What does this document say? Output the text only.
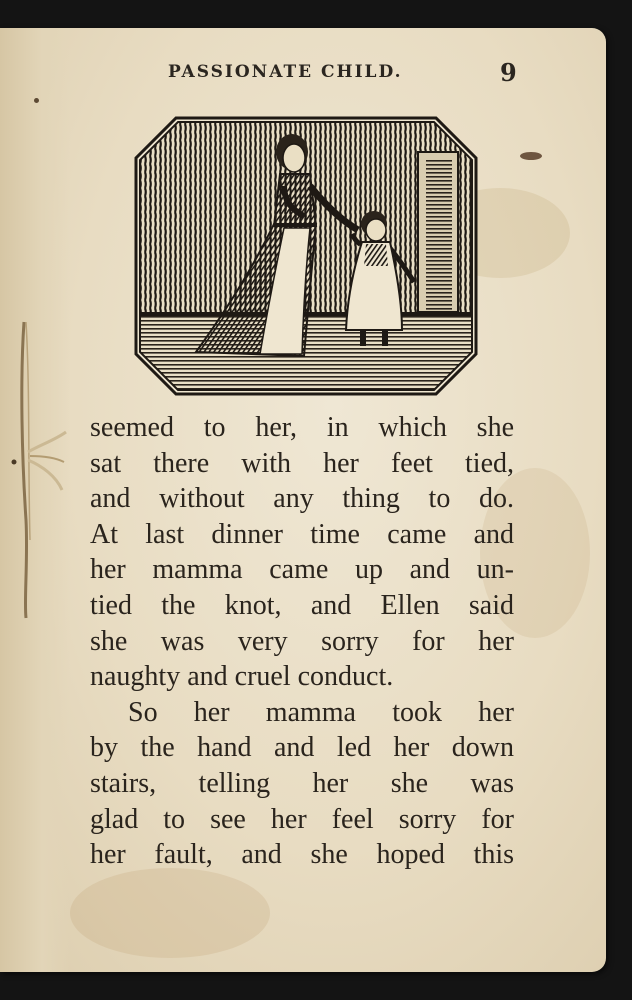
PASSIONATE CHILD.	9
seemed to her, in which she
sat there with her feet tied,
and without any thing to do.
At last dinner time came and
her mamma came up and un-
tied the knot, and Ellen said
she was very sorry for her
naughty and cruel conduct.
So her mamma took her
by the hand and led her down
stairs, telling her she was
glad to see her feel sorry for
her fault, and she hoped this
